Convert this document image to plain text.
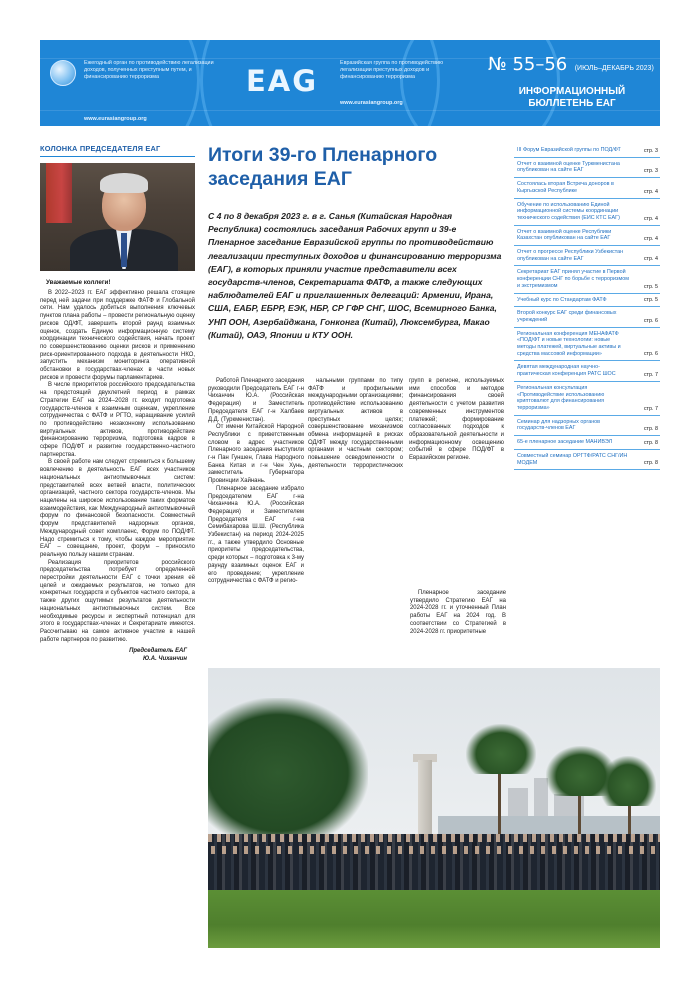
Ежегодный орган по противодействию легализации доходов, полученных преступным путем, и финансированию терроризма
www.eurasiangroup.org
EAG
Евразийская группа по противодействию легализации преступных доходов и финансированию терроризма
www.eurasiangroup.org
№ 55–56 (ИЮЛЬ–ДЕКАБРЬ 2023)
ИНФОРМАЦИОННЫЙ БЮЛЛЕТЕНЬ ЕАГ
КОЛОНКА ПРЕДСЕДАТЕЛЯ ЕАГ
Уважаемые коллеги!

В 2022–2023 гг. ЕАГ эффективно решала стоящие перед ней задачи при поддержке ФАТФ и Глобальной сети. Нам удалось добиться выполнения ключевых пунктов плана работы – провести региональную оценку рисков ОД/ФТ, завершить второй раунд взаимных оценок, создать Единую информационную систему координации технического содействия, начать проект по совершенствованию оценки рисков и применению риск-ориентированного подхода в деятельности НКО, запустить механизм мониторинга оперативной обстановки в государствах-членах в части новых рисков и провести форумы парламентариев.

В числе приоритетов российского председательства на предстоящий двухлетний период в рамках Стратегии ЕАГ на 2024–2028 гг. входит подготовка государств-членов к взаимным оценкам, укрепление сотрудничества с ФАТФ и РГТО, наращивание усилий по противодействию незаконному использованию виртуальных активов, противодействие финансированию терроризма, подготовка кадров в сфере ПОД/ФТ и развитие государственно-частного партнерства.

В своей работе нам следует стремиться к большему вовлечению в деятельность ЕАГ всех участников национальных антиотмывочных систем: представителей всех ветвей власти, политических организаций, частного сектора государств-членов. Мы нацелены на широкое использование таких форматов взаимодействия, как Международный антиотмывочный форум по финансовой безопасности. Совместный форум представителей надзорных органов, Международный совет комплаенс, Форум по ПОД/ФТ. Надо стремиться к тому, чтобы каждое мероприятие ЕАГ – совещание, проект, форум – приносило реальную пользу нашим странам.

Реализация приоритетов российского председательства потребует определенной перестройки деятельности ЕАГ с точки зрения её целей и ожидаемых результатов, не только для конкретных государств и субъектов частного сектора, а также других ощутимых результатов деятельности национальных антиотмывочных систем. Все необходимые ресурсы и экспертный потенциал для этого в государствах-членах и Секретариате имеются. Рассчитываю на самое активное участие в нашей работе партнеров по развитию.

Председатель ЕАГ
Ю.А. Чиханчин
Итоги 39-го Пленарного заседания ЕАГ
С 4 по 8 декабря 2023 г. в г. Санья (Китайская Народная Республика) состоялись заседания Рабочих групп и 39-е Пленарное заседание Евразийской группы по противодействию легализации преступных доходов и финансированию терроризма (ЕАГ), в которых приняли участие представители всех государств-членов, Секретариата ФАТФ, а также следующих наблюдателей ЕАГ и приглашенных делегаций: Армении, Ирана, США, ЕАБР, ЕБРР, ЕЭК, НБР, СР ГФР СНГ, ШОС, Всемирного Банка, УНП ООН, Азербайджана, Гонконга (Китай), Люксембурга, Макао (Китай), ОАЭ, Японии и КТУ ООН.

Работой Пленарного заседания руководили Председатель ЕАГ г-н Чиханчин Ю.А. (Российская Федерация) и Заместитель Председателя ЕАГ г-н Халбаев Д.Д. (Туркменистан).

От имени Китайской Народной Республики с приветственным словом в адрес участников Пленарного заседания выступили г-н Пан Гуншен, Глава Народного Банка Китая и г-н Чен Хунь, заместитель Губернатора Провинции Хайнань.

Пленарное заседание избрало Председателем ЕАГ г-на Чиханчина Ю.А. (Российская Федерация) и Заместителем Председателя ЕАГ г-на Семибахарова Ш.Ш. (Республика Узбекистан) на период 2024-2025 гг., а также утвердило Основные приоритеты председательства, среди которых – подготовка к 3-му раунду взаимных оценок ЕАГ и его проведение; укрепление сотрудничества с ФАТФ и регио-

нальными группами по типу ФАТФ и профильными международными организациями; противодействие использованию виртуальных активов в преступных целях; совершенствование механизмов обмена информацией в рисках ОД/ФТ между государственными органами и частным сектором; повышение осведомленности о деятельности террористических групп в регионе, используемых ими способов и методов финансирования своей деятельности с учетом развития современных инструментов платежей; формирование согласованных подходов к образовательной деятельности и информационному освещению событий в сфере ПОД/ФТ в Евразийском регионе.

Пленарное заседание утвердило Стратегию ЕАГ на 2024-2028 гг. и уточненный План работы ЕАГ на 2024 год. В соответствии со Стратегией в 2024-2028 гг. приоритетные

III Форум Евразийской группы по ПОД/ФТ	стр. 3
Отчет о взаимной оценке Туркменистана опубликован на сайте ЕАГ	стр. 3
Состоялась вторая Встреча доноров в Кыргызской Республике	стр. 4
Обучение по использованию Единой информационной системы координации технического содействия (ЕИС КТС ЕАГ)	стр. 4
Отчет о взаимной оценке Республики Казахстан опубликован на сайте ЕАГ	стр. 4
Отчет о прогрессе Республики Узбекистан опубликован на сайте ЕАГ	стр. 4
Секретариат ЕАГ принял участие в Первой конференции СНГ по борьбе с терроризмом и экстремизмом	стр. 5
Учебный курс по Стандартам ФАТФ	стр. 5
Второй конкурс ЕАГ среди финансовых учреждений	стр. 6
Региональная конференция МЕНАФАТФ «ПОД/ФТ и новые технологии: новые методы платежей, виртуальные активы и средства массовой информации»	стр. 6
Девятая международная научно-практическая конференция РАТС ШОС	стр. 7
Региональная консультация «Противодействие использованию криптовалют для финансирования терроризма»	стр. 7
Семинар для надзорных органов государств-членов ЕАГ	стр. 8
65-е пленарное заседание МАНИВЭЛ	стр. 8
Совместный семинар ОРГТФ/РАТС СНГ/ИН МОДЕМ	стр. 8
